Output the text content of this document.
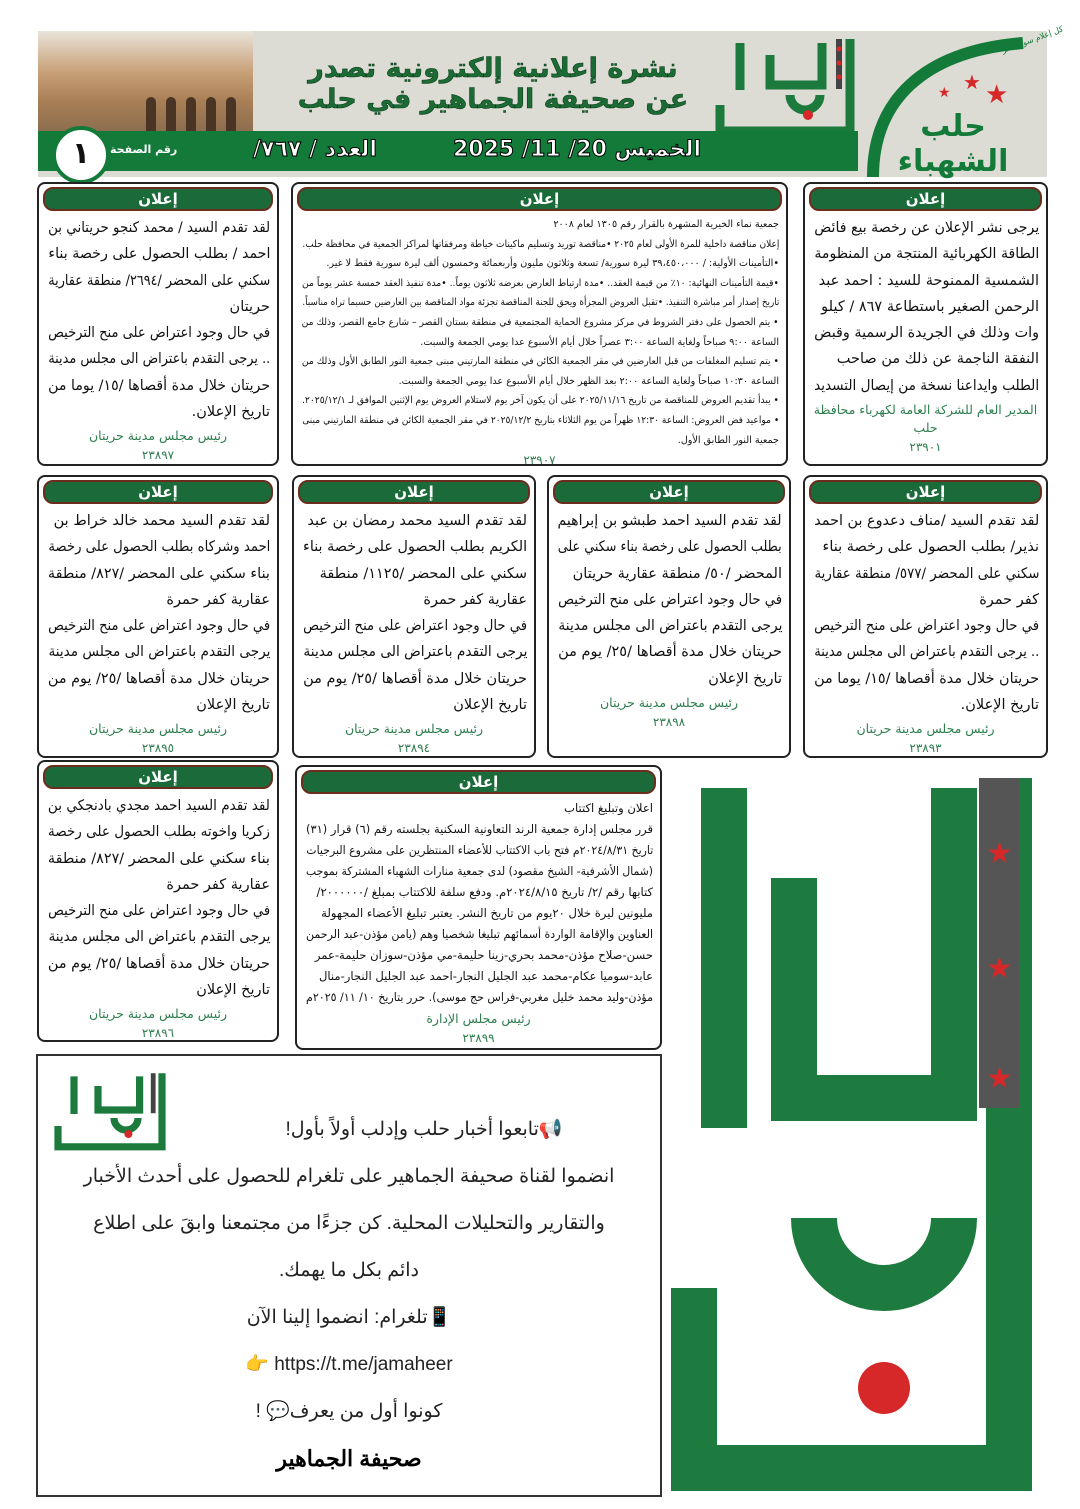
نشرة إعلانية إلكترونية تصدر عن صحيفة الجماهير في حلب
★
★ ★
كل إعلام سوري حر
حلب الشهباء
١	رقم الصفحة	العدد / ٧٦٧/	الخميس 20/ 11/ 2025
إعلان
يرجى نشر الإعلان عن رخصة بيع فائض
الطاقة الكهربائية المنتجة من المنظومة
الشمسية الممنوحة للسيد : احمد عبد
الرحمن الصغير باستطاعة ٨٦٧ / كيلو
وات وذلك في الجريدة الرسمية وقبض
النفقة الناجمة عن ذلك من صاحب
الطلب وايداعنا نسخة من إيصال التسديد
المدير العام للشركة العامة لكهرباء محافظة حلب
٢٣٩٠١
إعلان
جمعية نماء الخيرية المشهرة بالقرار رقم ١٣٠٥ لعام ٢٠٠٨
إعلان مناقصة داخلية للمرة الأولى لعام ٢٠٢٥ •مناقصة توريد وتسليم ماكينات خياطة ومرفقاتها لمراكز الجمعية في محافظة حلب.
•التأمينات الأولية: / ٣٩،٤٥٠،٠٠٠ ليرة سورية/ تسعة وثلاثون مليون وأربعمائة وخمسون ألف ليرة سورية فقط لا غير.
•قيمة التأمينات النهائية: ١٠٪ من قيمة العقد.. •مدة ارتباط العارض بعرضه ثلاثون يوماً.. •مدة تنفيذ العقد خمسة عشر يوماً من
تاريخ إصدار أمر مباشرة التنفيذ. •تقبل العروض المجزأة ويحق للجنة المناقصة تجزئة مواد المناقصة بين العارضين حسبما تراه مناسباً.
• يتم الحصول على دفتر الشروط في مركز مشروع الحماية المجتمعية في منطقة بستان القصر – شارع جامع القصر، وذلك من
الساعة ٩:٠٠ صباحاً ولغاية الساعة ٣:٠٠ عصراً خلال أيام الأسبوع عدا يومي الجمعة والسبت.
• يتم تسليم المغلفات من قبل العارضين في مقر الجمعية الكائن في منطقة المارتيني مبنى جمعية النور الطابق الأول وذلك من
الساعة ١٠:٣٠ صباحاً ولغاية الساعة ٢:٠٠ بعد الظهر خلال أيام الأسبوع عدا يومي الجمعة والسبت.
• يبدأ تقديم العروض للمناقصة من تاريخ ٢٠٢٥/١١/١٦ على أن يكون آخر يوم لاستلام العروض يوم الإثنين الموافق لـ ٢٠٢٥/١٢/١.
• مواعيد فض العروض: الساعة ١٢:٣٠ ظهراً من يوم الثلاثاء بتاريخ ٢٠٢٥/١٢/٢ في مقر الجمعية الكائن في منطقة المارتيني مبنى
جمعية النور الطابق الأول.
٢٣٩٠٧
إعلان
لقد تقدم السيد / محمد كنجو حريتاني بن
احمد / بطلب الحصول على رخصة بناء
سكني على المحضر /٢٦٩٤/ منطقة عقارية
حريتان
في حال وجود اعتراض على منح الترخيص
.. يرجى التقدم باعتراض الى مجلس مدينة
حريتان خلال مدة أقصاها /١٥/ يوما من
تاريخ الإعلان.
رئيس مجلس مدينة حريتان
٢٣٨٩٧
إعلان
لقد تقدم السيد /مناف دعدوع بن احمد
نذير/ بطلب الحصول على رخصة بناء
سكني على المحضر /٥٧٧/ منطقة عقارية
كفر حمرة
في حال وجود اعتراض على منح الترخيص
.. يرجى التقدم باعتراض الى مجلس مدينة
حريتان خلال مدة أقصاها /١٥/ يوما من
تاريخ الإعلان.
رئيس مجلس مدينة حريتان
٢٣٨٩٣
إعلان
لقد تقدم السيد احمد طبشو بن إبراهيم
بطلب الحصول على رخصة بناء سكني على
المحضر /٥٠/ منطقة عقارية حريتان
في حال وجود اعتراض على منح الترخيص
يرجى التقدم باعتراض الى مجلس مدينة
حريتان خلال مدة أقصاها /٢٥/ يوم من
تاريخ الإعلان
رئيس مجلس مدينة حريتان
٢٣٨٩٨
إعلان
لقد تقدم السيد محمد رمضان بن عبد
الكريم بطلب الحصول على رخصة بناء
سكني على المحضر /١١٢٥/ منطقة
عقارية كفر حمرة
في حال وجود اعتراض على منح الترخيص
يرجى التقدم باعتراض الى مجلس مدينة
حريتان خلال مدة أقصاها /٢٥/ يوم من
تاريخ الإعلان
رئيس مجلس مدينة حريتان
٢٣٨٩٤
إعلان
لقد تقدم السيد محمد خالد خراط بن
احمد وشركاه بطلب الحصول على رخصة
بناء سكني على المحضر /٨٢٧/ منطقة
عقارية كفر حمرة
في حال وجود اعتراض على منح الترخيص
يرجى التقدم باعتراض الى مجلس مدينة
حريتان خلال مدة أقصاها /٢٥/ يوم من
تاريخ الإعلان
رئيس مجلس مدينة حريتان
٢٣٨٩٥
إعلان
لقد تقدم السيد احمد مجدي بادنجكي بن
زكريا واخوته بطلب الحصول على رخصة
بناء سكني على المحضر /٨٢٧/ منطقة
عقارية كفر حمرة
في حال وجود اعتراض على منح الترخيص
يرجى التقدم باعتراض الى مجلس مدينة
حريتان خلال مدة أقصاها /٢٥/ يوم من
تاريخ الإعلان
رئيس مجلس مدينة حريتان
٢٣٨٩٦
إعلان
اعلان وتبليغ اكتتاب
قرر مجلس إدارة جمعية الرند التعاونية السكنية بجلسته رقم (٦) قرار (٣١)
تاريخ ٢٠٢٤/٨/٣١م فتح باب الاكتتاب للأعضاء المنتظرين على مشروع البرجيات
(شمال الأشرفية- الشيخ مقصود) لدى جمعية منارات الشهباء المشتركة بموجب
كتابها رقم /٢/ تاريخ ٢٠٢٤/٨/١٥م. ودفع سلفة للاكتتاب بمبلغ /٢٠٠٠٠٠٠/
مليونين ليرة خلال ٢٠يوم من تاريخ النشر. يعتبر تبليغ الأعضاء المجهولة
العناوين والإقامة الواردة أسمائهم تبليغا شخصيا وهم (يامن مؤذن-عبد الرحمن
حسن-صلاح مؤذن-محمد بحري-زينا حليمة-مي مؤذن-سوزان حليمة-عمر
عابد-سوميا عكام-محمد عبد الجليل النجار-احمد عبد الجليل النجار-منال
مؤذن-وليد محمد خليل مغربي-فراس حج موسى). حرر بتاريخ ١٠/ ١١/ ٢٠٢٥م
رئيس مجلس الإدارة
٢٣٨٩٩
★
★
★

📢تابعوا أخبار حلب وإدلب أولاً بأول!

انضموا لقناة صحيفة الجماهير على تلغرام للحصول على أحدث الأخبار

والتقارير والتحليلات المحلية. كن جزءًا من مجتمعنا وابقَ على اطلاع

دائم بكل ما يهمك.

📱تلغرام: انضموا إلينا الآن

👉 https://t.me/jamaheer

كونوا أول من يعرف💬 !

صحيفة الجماهير
